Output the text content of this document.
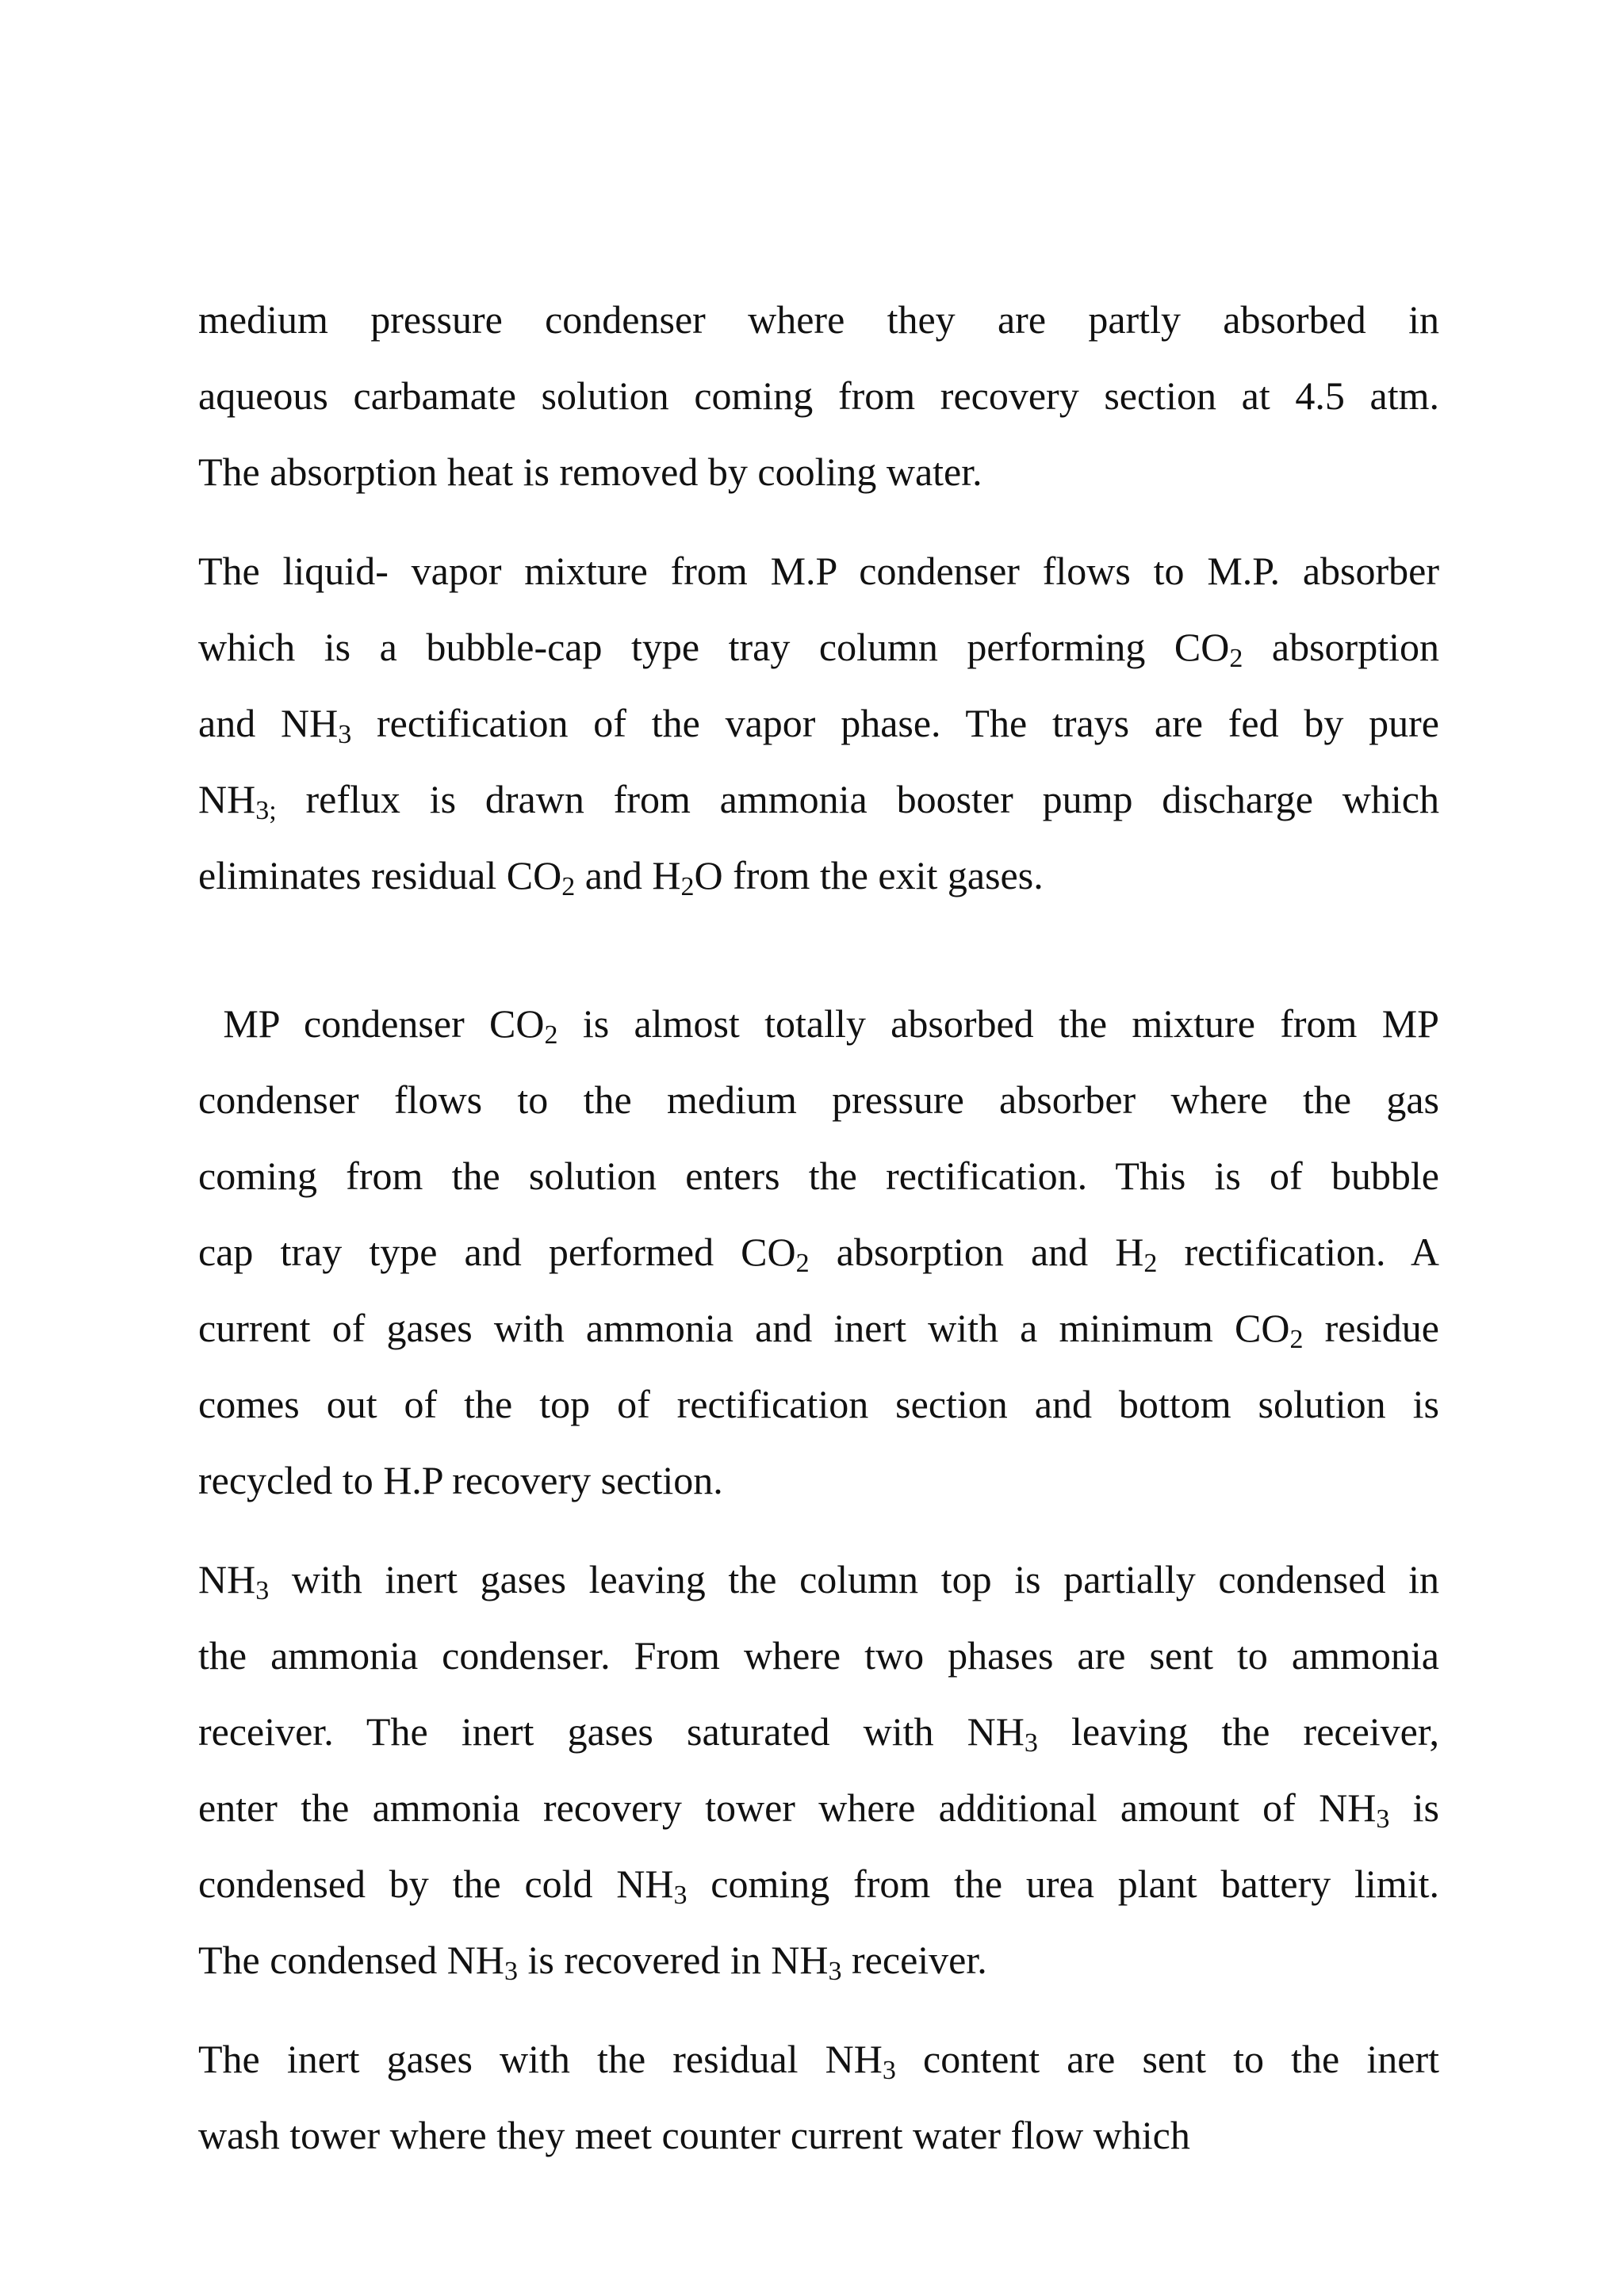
medium pressure condenser where they are partly absorbed in
aqueous carbamate solution coming from recovery section at 4.5 atm.
The absorption heat is removed by cooling water.
The liquid- vapor mixture from M.P condenser flows to M.P. absorber
which is a bubble-cap type tray column performing $CO_2$ absorption
and $NH_3$ rectification of the vapor phase. The trays are fed by pure
$NH_{3;}$ reflux is drawn from ammonia booster pump discharge which
eliminates residual $CO_2$ and $H_2O$ from the exit gases.
MP condenser $CO_2$ is almost totally absorbed the mixture from MP
condenser flows to the medium pressure absorber where the gas
coming from the solution enters the rectification. This is of bubble
cap tray type and performed $CO_2$ absorption and $H_2$ rectification. A
current of gases with ammonia and inert with a minimum $CO_2$ residue
comes out of the top of rectification section and bottom solution is
recycled to H.P recovery section.
$NH_3$ with inert gases leaving the column top is partially condensed in
the ammonia condenser. From where two phases are sent to ammonia
receiver. The inert gases saturated with $NH_3$ leaving the receiver,
enter the ammonia recovery tower where additional amount of $NH_3$ is
condensed by the cold $NH_3$ coming from the urea plant battery limit.
The condensed $NH_3$ is recovered in $NH_3$ receiver.
The inert gases with the residual $NH_3$ content are sent to the inert
wash tower where they meet counter current water flow which
